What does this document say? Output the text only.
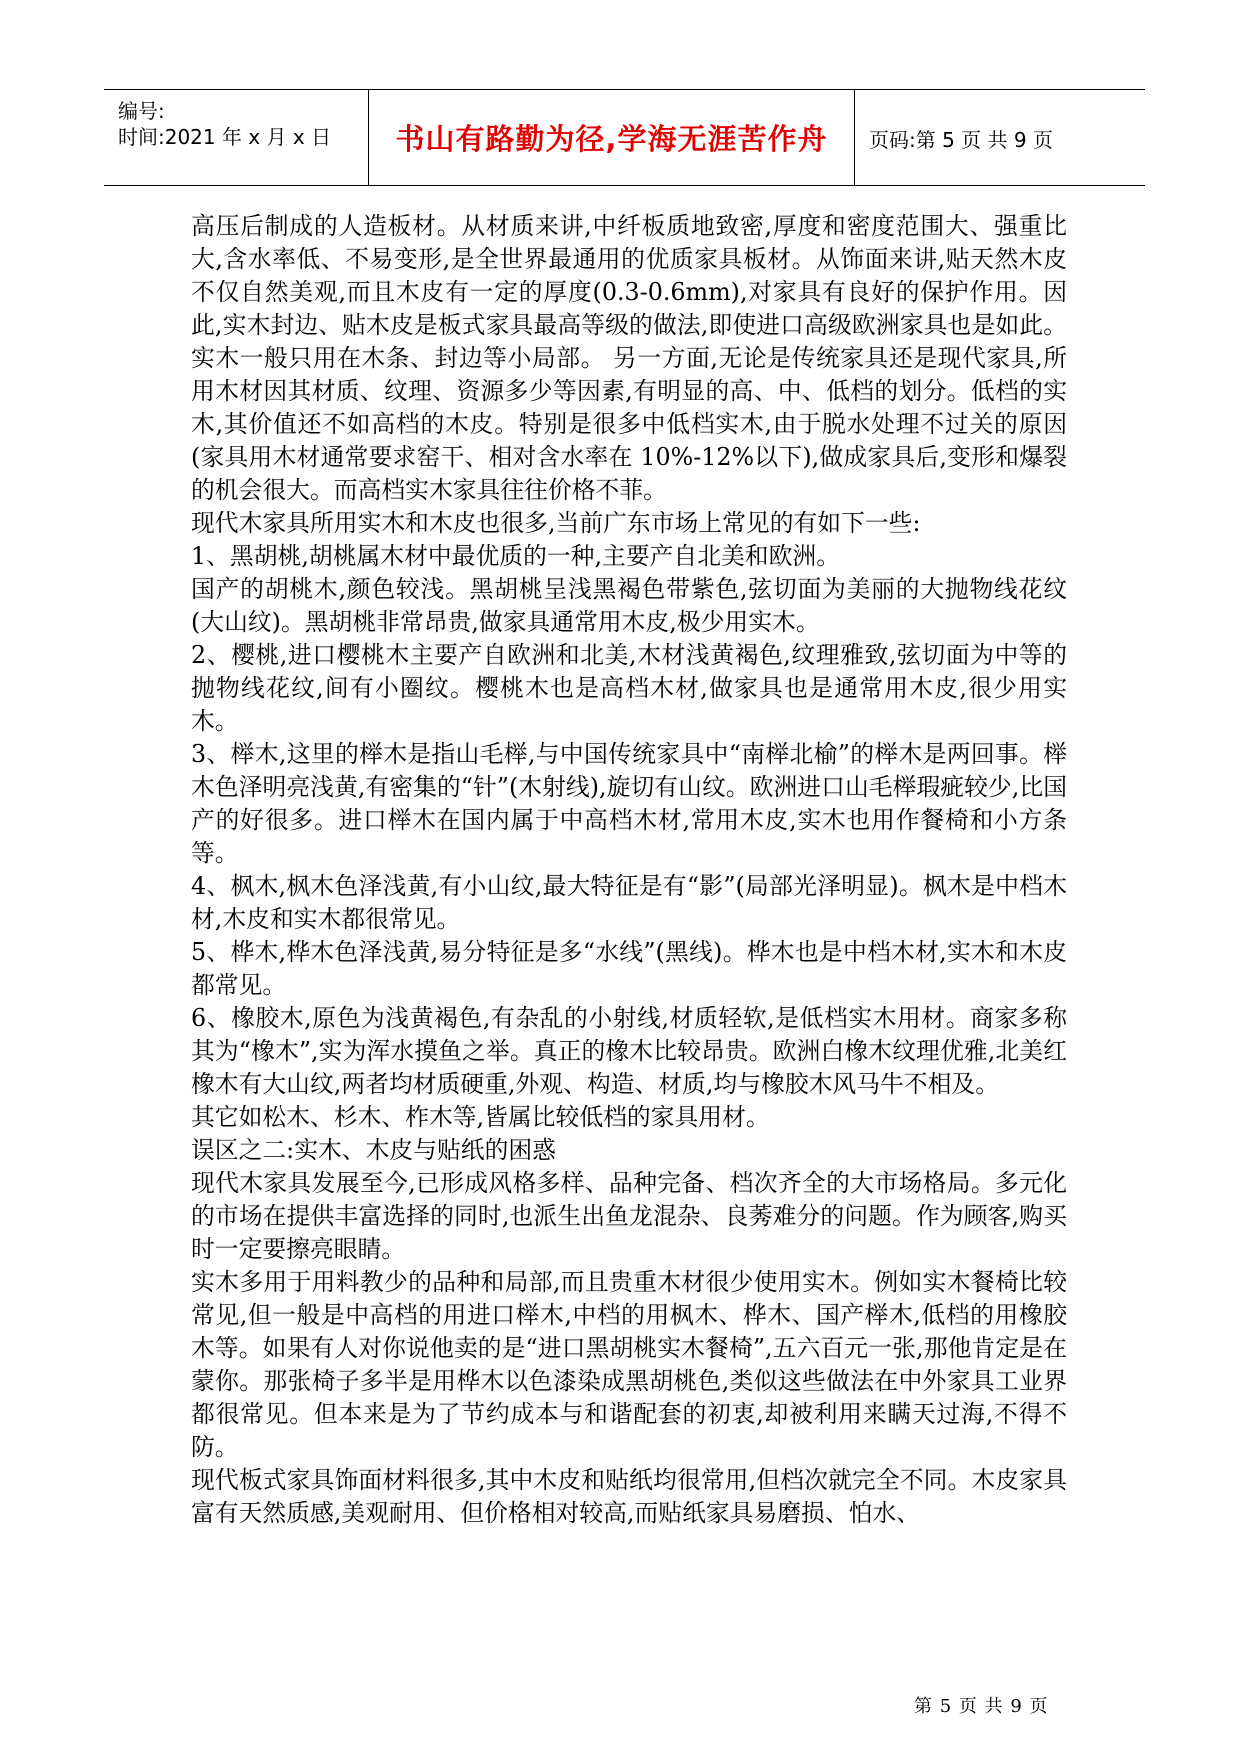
编号:
时间:2021 年 x 月 x 日	书山有路勤为径,学海无涯苦作舟	页码:第 5 页 共 9 页

高压后制成的人造板材。从材质来讲,中纤板质地致密,厚度和密度范围大、强重比大,含水率低、不易变形,是全世界最通用的优质家具板材。从饰面来讲,贴天然木皮不仅自然美观,而且木皮有一定的厚度(0.3-0.6mm),对家具有良好的保护作用。因此,实木封边、贴木皮是板式家具最高等级的做法,即使进口高级欧洲家具也是如此。实木一般只用在木条、封边等小局部。 另一方面,无论是传统家具还是现代家具,所用木材因其材质、纹理、资源多少等因素,有明显的高、中、低档的划分。低档的实木,其价值还不如高档的木皮。特别是很多中低档实木,由于脱水处理不过关的原因(家具用木材通常要求窑干、相对含水率在 10%-12%以下),做成家具后,变形和爆裂的机会很大。而高档实木家具往往价格不菲。

现代木家具所用实木和木皮也很多,当前广东市场上常见的有如下一些:

1、黑胡桃,胡桃属木材中最优质的一种,主要产自北美和欧洲。

国产的胡桃木,颜色较浅。黑胡桃呈浅黑褐色带紫色,弦切面为美丽的大抛物线花纹(大山纹)。黑胡桃非常昂贵,做家具通常用木皮,极少用实木。

2、樱桃,进口樱桃木主要产自欧洲和北美,木材浅黄褐色,纹理雅致,弦切面为中等的抛物线花纹,间有小圈纹。樱桃木也是高档木材,做家具也是通常用木皮,很少用实木。

3、榉木,这里的榉木是指山毛榉,与中国传统家具中“南榉北榆”的榉木是两回事。榉木色泽明亮浅黄,有密集的“针”(木射线),旋切有山纹。欧洲进口山毛榉瑕疵较少,比国产的好很多。进口榉木在国内属于中高档木材,常用木皮,实木也用作餐椅和小方条等。

4、枫木,枫木色泽浅黄,有小山纹,最大特征是有“影”(局部光泽明显)。枫木是中档木材,木皮和实木都很常见。

5、桦木,桦木色泽浅黄,易分特征是多“水线”(黑线)。桦木也是中档木材,实木和木皮都常见。

6、橡胶木,原色为浅黄褐色,有杂乱的小射线,材质轻软,是低档实木用材。商家多称其为“橡木”,实为浑水摸鱼之举。真正的橡木比较昂贵。欧洲白橡木纹理优雅,北美红橡木有大山纹,两者均材质硬重,外观、构造、材质,均与橡胶木风马牛不相及。

其它如松木、杉木、柞木等,皆属比较低档的家具用材。

误区之二:实木、木皮与贴纸的困惑

现代木家具发展至今,已形成风格多样、品种完备、档次齐全的大市场格局。多元化的市场在提供丰富选择的同时,也派生出鱼龙混杂、良莠难分的问题。作为顾客,购买时一定要擦亮眼睛。

实木多用于用料教少的品种和局部,而且贵重木材很少使用实木。例如实木餐椅比较常见,但一般是中高档的用进口榉木,中档的用枫木、桦木、国产榉木,低档的用橡胶木等。如果有人对你说他卖的是“进口黑胡桃实木餐椅”,五六百元一张,那他肯定是在蒙你。那张椅子多半是用桦木以色漆染成黑胡桃色,类似这些做法在中外家具工业界都很常见。但本来是为了节约成本与和谐配套的初衷,却被利用来瞒天过海,不得不防。

现代板式家具饰面材料很多,其中木皮和贴纸均很常用,但档次就完全不同。木皮家具富有天然质感,美观耐用、但价格相对较高,而贴纸家具易磨损、怕水、

第 5 页 共 9 页
